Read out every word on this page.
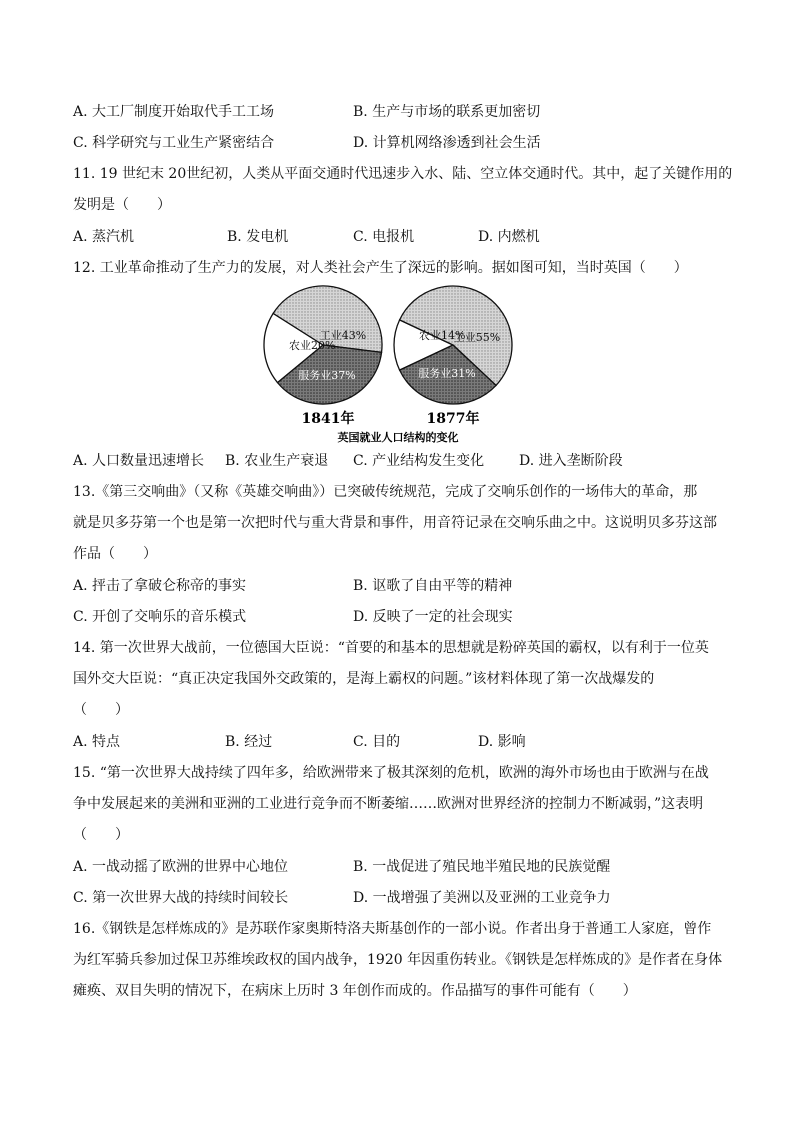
A. 大工厂制度开始取代手工工场	B. 生产与市场的联系更加密切
C. 科学研究与工业生产紧密结合	D. 计算机网络渗透到社会生活
11. 19 世纪末 20世纪初，人类从平面交通时代迅速步入水、陆、空立体交通时代。其中，起了关键作用的
发明是（　　）
A. 蒸汽机	B. 发电机	C. 电报机	D. 内燃机
12. 工业革命推动了生产力的发展，对人类社会产生了深远的影响。据如图可知，当时英国（　　）
农业20%
工业43%
服务业37%
1841年
农业14%
工业55%
服务业31%
1877年
英国就业人口结构的变化
A. 人口数量迅速增长 B. 农业生产衰退 C. 产业结构发生变化 D. 进入垄断阶段
13.《第三交响曲》（又称《英雄交响曲》）已突破传统规范，完成了交响乐创作的一场伟大的革命，那
就是贝多芬第一个也是第一次把时代与重大背景和事件，用音符记录在交响乐曲之中。这说明贝多芬这部
作品（　　）
A. 抨击了拿破仑称帝的事实	B. 讴歌了自由平等的精神
C. 开创了交响乐的音乐模式	D. 反映了一定的社会现实
14. 第一次世界大战前，一位德国大臣说：“首要的和基本的思想就是粉碎英国的霸权，以有利于一位英
国外交大臣说：“真正决定我国外交政策的，是海上霸权的问题。”该材料体现了第一次战爆发的
（　　）
A. 特点	B. 经过	C. 目的	D. 影响
15. “第一次世界大战持续了四年多，给欧洲带来了极其深刻的危机，欧洲的海外市场也由于欧洲与在战
争中发展起来的美洲和亚洲的工业进行竞争而不断萎缩……欧洲对世界经济的控制力不断减弱，”这表明
（　　）
A. 一战动摇了欧洲的世界中心地位	B. 一战促进了殖民地半殖民地的民族觉醒
C. 第一次世界大战的持续时间较长	D. 一战增强了美洲以及亚洲的工业竞争力
16.《钢铁是怎样炼成的》是苏联作家奥斯特洛夫斯基创作的一部小说。作者出身于普通工人家庭，曾作
为红军骑兵参加过保卫苏维埃政权的国内战争，1920 年因重伤转业。《钢铁是怎样炼成的》是作者在身体
瘫痪、双目失明的情况下，在病床上历时 3 年创作而成的。作品描写的事件可能有（　　）
